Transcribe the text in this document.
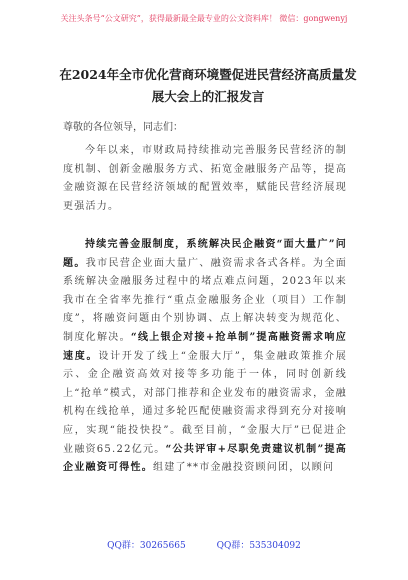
关注头条号“公文研究”，获得最新最全最专业的公文资料库！ 微信：gongwenyj
在2024年全市优化营商环境暨促进民营经济高质量发展大会上的汇报发言
尊敬的各位领导，同志们：

今年以来，市财政局持续推动完善服务民营经济的制度机制、创新金融服务方式、拓宽金融服务产品等，提高金融资源在民营经济领域的配置效率，赋能民营经济展现更强活力。

持续完善金服制度，系统解决民企融资“面大量广”问题。我市民营企业面大量广、融资需求各式各样。为全面系统解决金融服务过程中的堵点难点问题，2023年以来我市在全省率先推行“重点金融服务企业（项目）工作制度”，将融资问题由个别协调、点上解决转变为规范化、制度化解决。“线上银企对接+抢单制”提高融资需求响应速度。设计开发了线上“金服大厅”，集金融政策推介展示、金企融资高效对接等多功能于一体，同时创新线上“抢单”模式，对部门推荐和企业发布的融资需求，金融机构在线抢单，通过多轮匹配使融资需求得到充分对接响应，实现“能投快投”。截至目前，“金服大厅”已促进企业融资65.22亿元。“公共评审+尽职免责建议机制”提高企业融资可得性。组建了**市金融投资顾问团，以顾问

QQ群：30265665	QQ群：535304092
